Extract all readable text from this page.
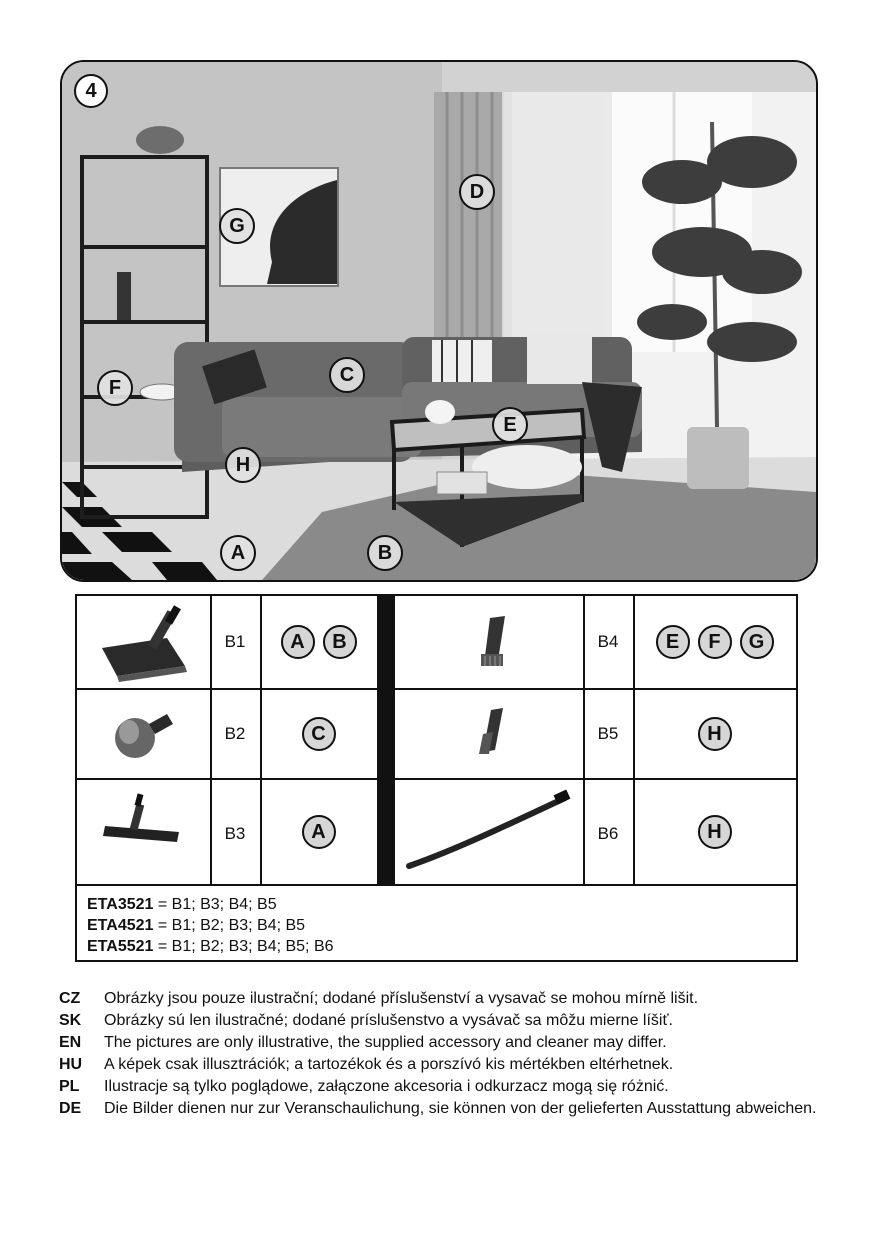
4
D
G
C
F
E
H
A	B
B1	A	B	B4	E	F	G
B2	C	B5	H
B3	A	B6	H
ETA3521 = B1; B3; B4; B5
ETA4521 = B1; B2; B3; B4; B5
ETA5521 = B1; B2; B3; B4; B5; B6
CZ	Obrázky jsou pouze ilustrační; dodané příslušenství a vysavač se mohou mírně lišit.
SK	Obrázky sú len ilustračné; dodané príslušenstvo a vysávač sa môžu mierne líšiť.
EN	The pictures are only illustrative, the supplied accessory and cleaner may differ.
HU	A képek csak illusztrációk; a tartozékok és a porszívó kis mértékben eltérhetnek.
PL	Ilustracje są tylko poglądowe, załączone akcesoria i odkurzacz mogą się różnić.
DE	Die Bilder dienen nur zur Veranschaulichung, sie können von der gelieferten Ausstattung abweichen.
